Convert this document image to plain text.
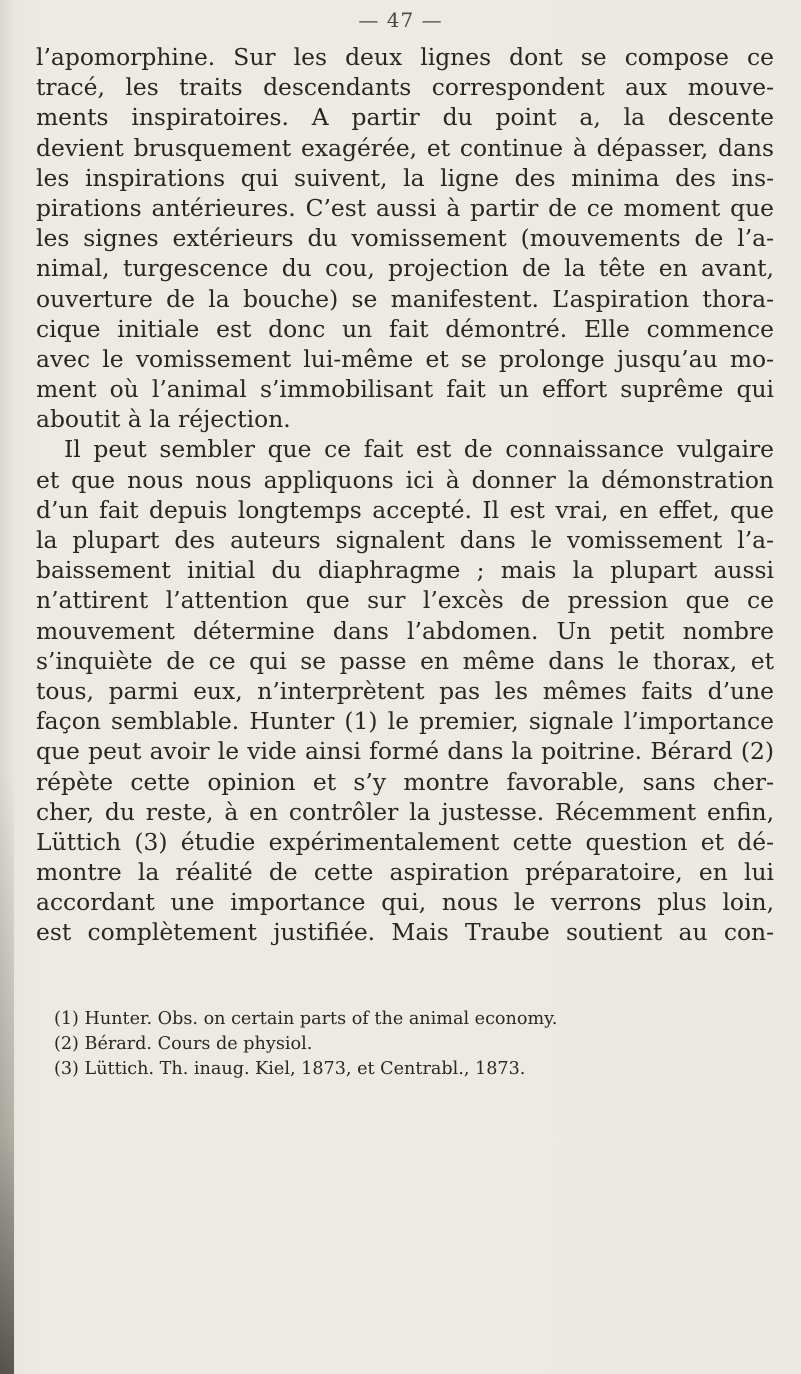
— 47 —
l’apomorphine. Sur les deux lignes dont se compose ce
tracé, les traits descendants correspondent aux mouve-
ments inspiratoires. A partir du point a, la descente
devient brusquement exagérée, et continue à dépasser, dans
les inspirations qui suivent, la ligne des minima des ins-
pirations antérieures. C’est aussi à partir de ce moment que
les signes extérieurs du vomissement (mouvements de l’a-
nimal, turgescence du cou, projection de la tête en avant,
ouverture de la bouche) se manifestent. L’aspiration thora-
cique initiale est donc un fait démontré. Elle commence
avec le vomissement lui-même et se prolonge jusqu’au mo-
ment où l’animal s’immobilisant fait un effort suprême qui
aboutit à la réjection.
Il peut sembler que ce fait est de connaissance vulgaire
et que nous nous appliquons ici à donner la démonstration
d’un fait depuis longtemps accepté. Il est vrai, en effet, que
la plupart des auteurs signalent dans le vomissement l’a-
baissement initial du diaphragme ; mais la plupart aussi
n’attirent l’attention que sur l’excès de pression que ce
mouvement détermine dans l’abdomen. Un petit nombre
s’inquiète de ce qui se passe en même dans le thorax, et
tous, parmi eux, n’interprètent pas les mêmes faits d’une
façon semblable. Hunter (1) le premier, signale l’importance
que peut avoir le vide ainsi formé dans la poitrine. Bérard (2)
répète cette opinion et s’y montre favorable, sans cher-
cher, du reste, à en contrôler la justesse. Récemment enfin,
Lüttich (3) étudie expérimentalement cette question et dé-
montre la réalité de cette aspiration préparatoire, en lui
accordant une importance qui, nous le verrons plus loin,
est complètement justifiée. Mais Traube soutient au con-
(1) Hunter. Obs. on certain parts of the animal economy.
(2) Bérard. Cours de physiol.
(3) Lüttich. Th. inaug. Kiel, 1873, et Centrabl., 1873.
